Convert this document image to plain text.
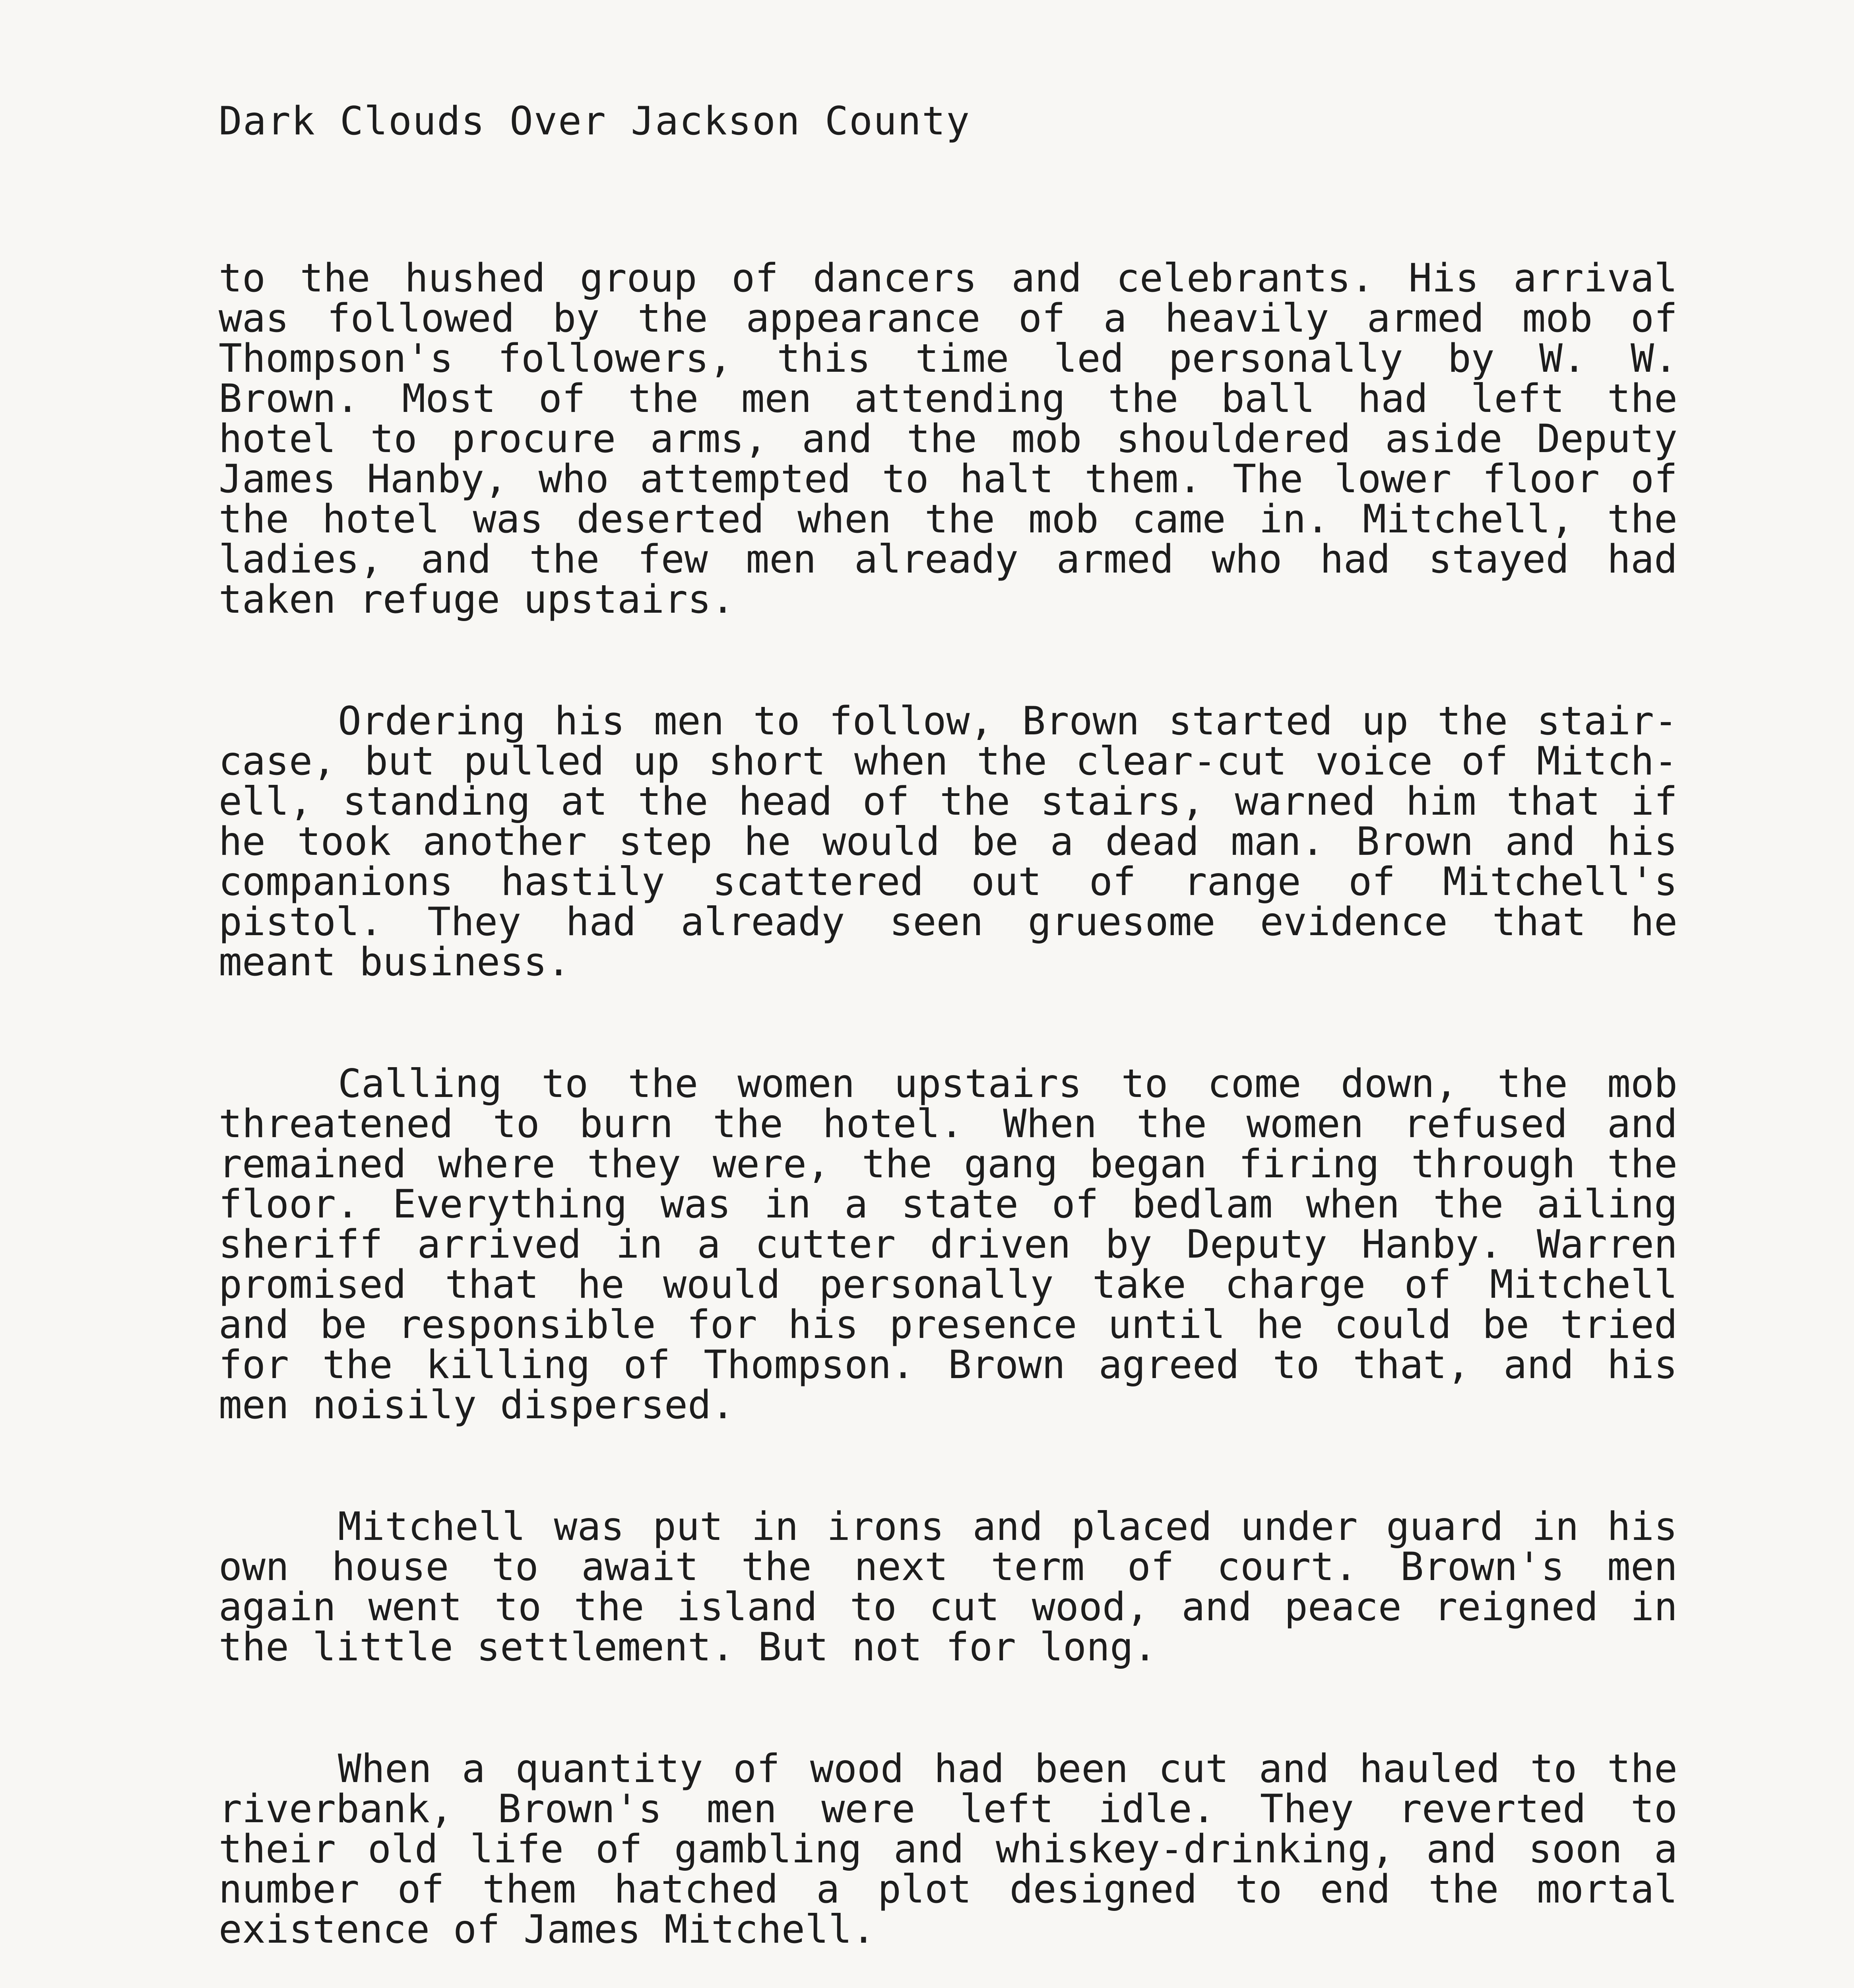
Dark Clouds Over Jackson County
to the hushed group of dancers and celebrants. His arrival
was followed by the appearance of a heavily armed mob of
Thompson's followers, this time led personally by W. W.
Brown. Most of the men attending the ball had left the
hotel to procure arms, and the mob shouldered aside Deputy
James Hanby, who attempted to halt them. The lower floor of
the hotel was deserted when the mob came in. Mitchell, the
ladies, and the few men already armed who had stayed had
taken refuge upstairs.
Ordering his men to follow, Brown started up the stair-
case, but pulled up short when the clear-cut voice of Mitch-
ell, standing at the head of the stairs, warned him that if
he took another step he would be a dead man. Brown and his
companions hastily scattered out of range of Mitchell's
pistol. They had already seen gruesome evidence that he
meant business.
Calling to the women upstairs to come down, the mob
threatened to burn the hotel. When the women refused and
remained where they were, the gang began firing through the
floor. Everything was in a state of bedlam when the ailing
sheriff arrived in a cutter driven by Deputy Hanby. Warren
promised that he would personally take charge of Mitchell
and be responsible for his presence until he could be tried
for the killing of Thompson. Brown agreed to that, and his
men noisily dispersed.
Mitchell was put in irons and placed under guard in his
own house to await the next term of court. Brown's men
again went to the island to cut wood, and peace reigned in
the little settlement. But not for long.
When a quantity of wood had been cut and hauled to the
riverbank, Brown's men were left idle. They reverted to
their old life of gambling and whiskey-drinking, and soon a
number of them hatched a plot designed to end the mortal
existence of James Mitchell.
